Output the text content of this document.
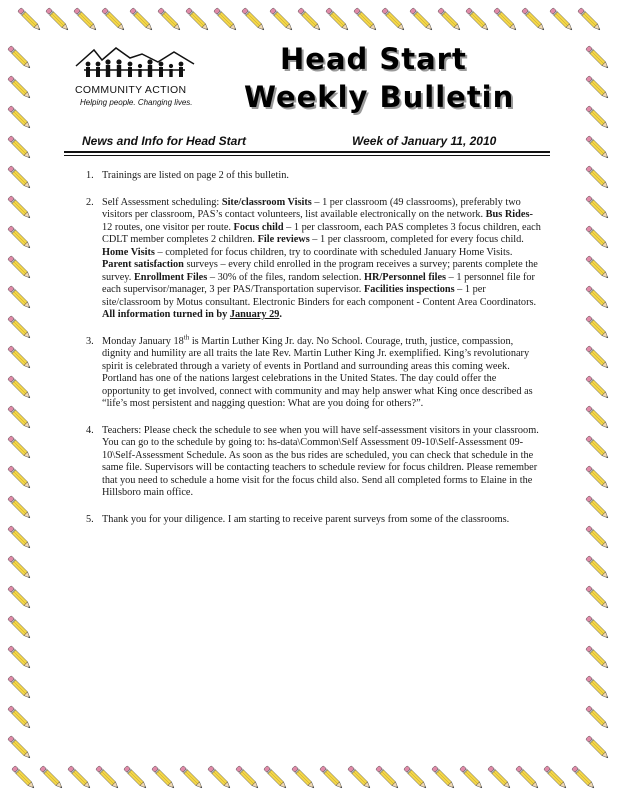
COMMUNITY ACTION
Helping people. Changing lives.
Head Start
Weekly Bulletin
News and Info for Head Start	Week of January 11, 2010
1. Trainings are listed on page 2 of this bulletin.

2. Self Assessment scheduling: Site/classroom Visits – 1 per classroom (49 classrooms), preferably two visitors per classroom, PAS’s contact volunteers, list available electronically on the network. Bus Rides- 12 routes, one visitor per route. Focus child – 1 per classroom, each PAS completes 3 focus children, each CDLT member completes 2 children. File reviews – 1 per classroom, completed for every focus child. Home Visits – completed for focus children, try to coordinate with scheduled January Home Visits. Parent satisfaction surveys – every child enrolled in the program receives a survey; parents complete the survey. Enrollment Files – 30% of the files, random selection. HR/Personnel files – 1 personnel file for each supervisor/manager, 3 per PAS/Transportation supervisor. Facilities inspections – 1 per site/classroom by Motus consultant. Electronic Binders for each component - Content Area Coordinators. All information turned in by January 29.

3. Monday January 18th is Martin Luther King Jr. day. No School. Courage, truth, justice, compassion, dignity and humility are all traits the late Rev. Martin Luther King Jr. exemplified. King’s revolutionary spirit is celebrated through a variety of events in Portland and surrounding areas this coming week. Portland has one of the nations largest celebrations in the United States. The day could offer the opportunity to get involved, connect with community and may help answer what King once described as “life’s most persistent and nagging question: What are you doing for others?”.

4. Teachers: Please check the schedule to see when you will have self-assessment visitors in your classroom. You can go to the schedule by going to: hs-data\Common\Self Assessment 09-10\Self-Assessment 09-10\Self-Assessment Schedule. As soon as the bus rides are scheduled, you can check that schedule in the same file. Supervisors will be contacting teachers to schedule review for focus children. Please remember that you need to schedule a home visit for the focus child also. Send all completed forms to Elaine in the Hillsboro main office.

5. Thank you for your diligence. I am starting to receive parent surveys from some of the classrooms.
